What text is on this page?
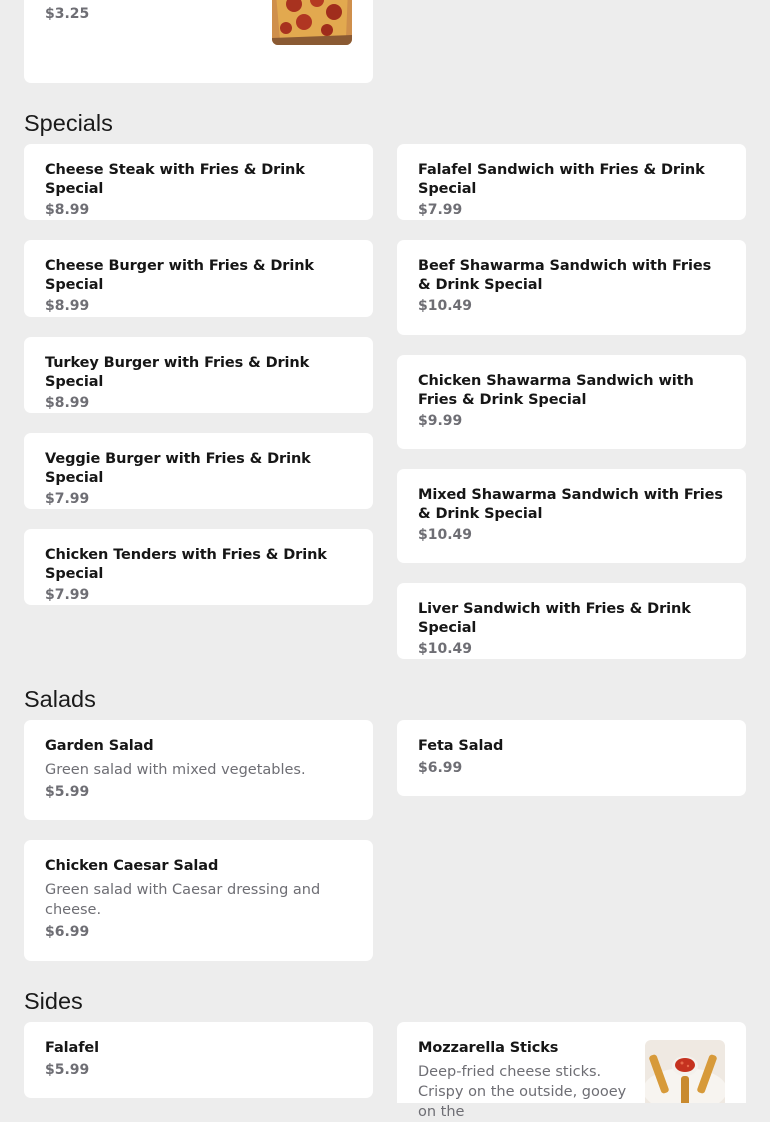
$3.25
Specials
Cheese Steak with Fries & Drink Special
$8.99
Cheese Burger with Fries & Drink Special
$8.99
Turkey Burger with Fries & Drink Special
$8.99
Veggie Burger with Fries & Drink Special
$7.99
Chicken Tenders with Fries & Drink Special
$7.99
Falafel Sandwich with Fries & Drink Special
$7.99
Beef Shawarma Sandwich with Fries & Drink Special
$10.49
Chicken Shawarma Sandwich with Fries & Drink Special
$9.99
Mixed Shawarma Sandwich with Fries & Drink Special
$10.49
Liver Sandwich with Fries & Drink Special
$10.49
Salads
Garden Salad
Green salad with mixed vegetables.
$5.99
Chicken Caesar Salad
Green salad with Caesar dressing and cheese.
$6.99
Feta Salad
$6.99
Sides
Falafel
$5.99
Mozzarella Sticks
Deep-fried cheese sticks. Crispy on the outside, gooey on the
